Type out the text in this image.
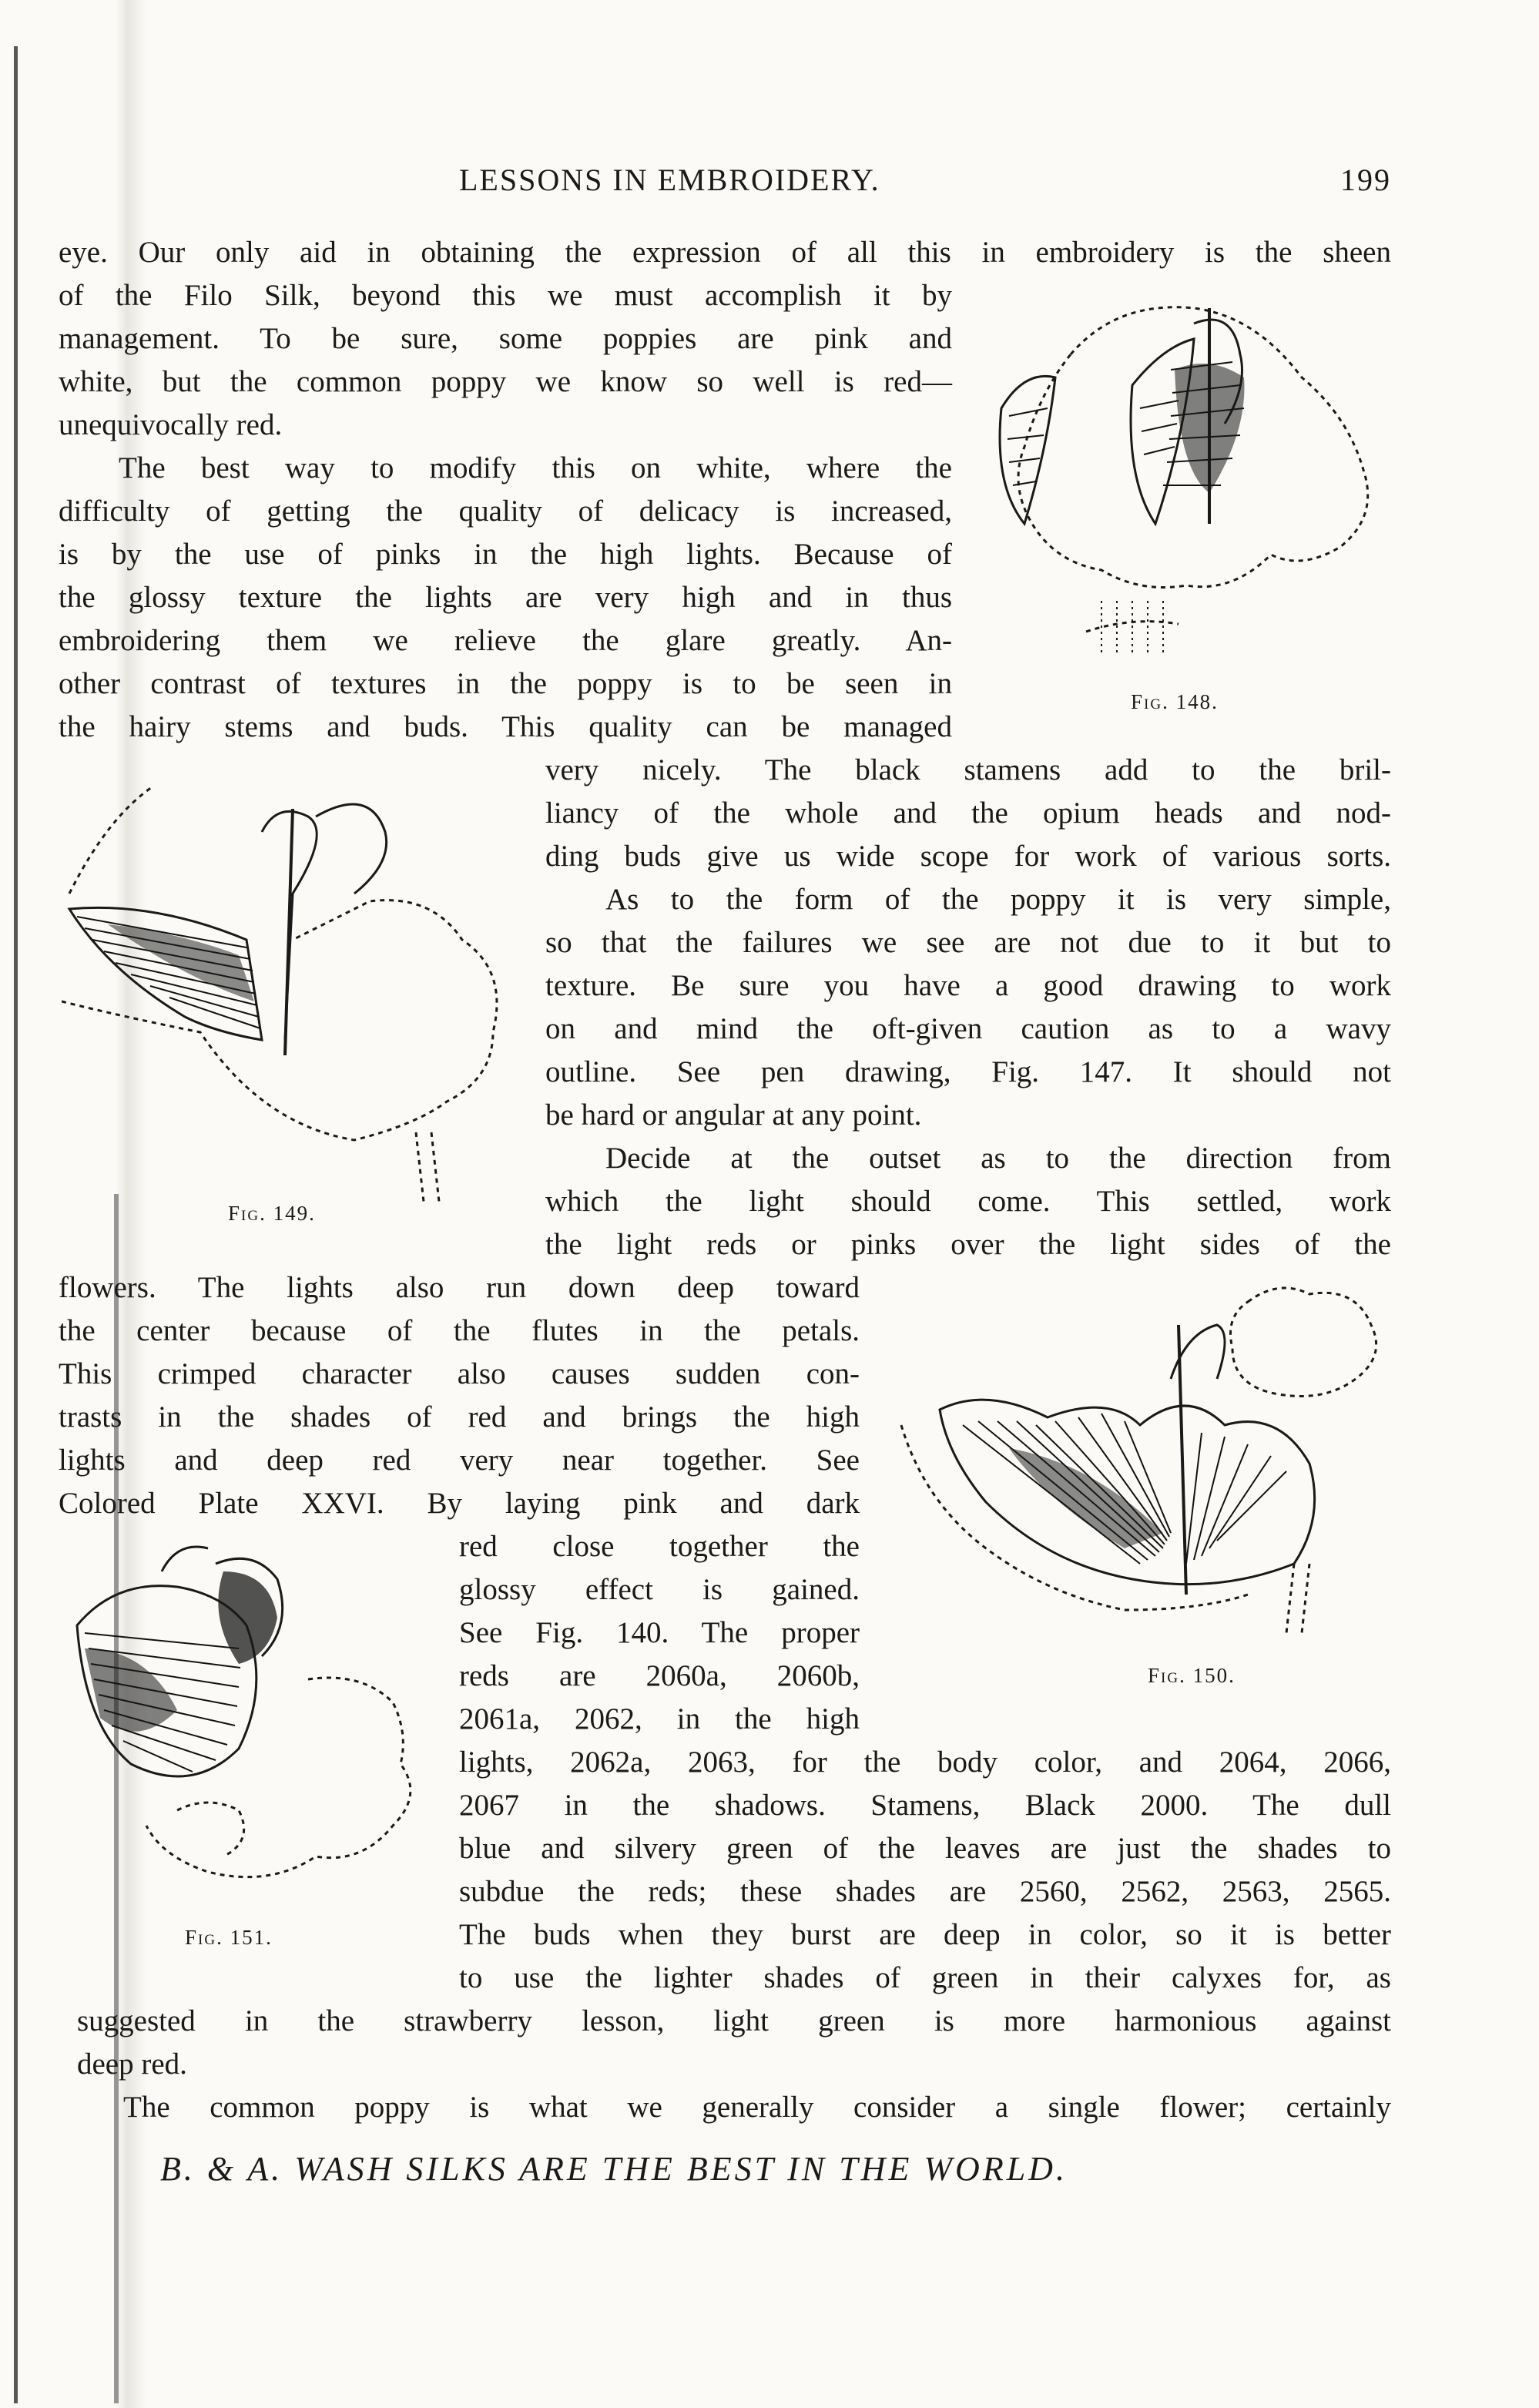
LESSONS IN EMBROIDERY.	199

eye. Our only aid in obtaining the expression of all this in embroidery is the sheen

of the Filo Silk, beyond this we must accomplish it by

management. To be sure, some poppies are pink and

white, but the common poppy we know so well is red—

unequivocally red.

The best way to modify this on white, where the

difficulty of getting the quality of delicacy is increased,

is by the use of pinks in the high lights. Because of

the glossy texture the lights are very high and in thus

embroidering them we relieve the glare greatly. An-

other contrast of textures in the poppy is to be seen in

the hairy stems and buds. This quality can be managed

very nicely. The black stamens add to the bril-

liancy of the whole and the opium heads and nod-

ding buds give us wide scope for work of various sorts.

As to the form of the poppy it is very simple,

so that the failures we see are not due to it but to

texture. Be sure you have a good drawing to work

on and mind the oft-given caution as to a wavy

outline. See pen drawing, Fig. 147. It should not

be hard or angular at any point.

Decide at the outset as to the direction from

which the light should come. This settled, work

the light reds or pinks over the light sides of the

flowers. The lights also run down deep toward

the center because of the flutes in the petals.

This crimped character also causes sudden con-

trasts in the shades of red and brings the high

lights and deep red very near together. See

Colored Plate XXVI. By laying pink and dark

red close together the

glossy effect is gained.

See Fig. 140. The proper

reds are 2060a, 2060b,

2061a, 2062, in the high

lights, 2062a, 2063, for the body color, and 2064, 2066,

2067 in the shadows. Stamens, Black 2000. The dull

blue and silvery green of the leaves are just the shades to

subdue the reds; these shades are 2560, 2562, 2563, 2565.

The buds when they burst are deep in color, so it is better

to use the lighter shades of green in their calyxes for, as

suggested in the strawberry lesson, light green is more harmonious against

deep red.

The common poppy is what we generally consider a single flower; certainly

Fig. 148.
Fig. 149.
Fig. 150.
Fig. 151.
B. & A. WASH SILKS ARE THE BEST IN THE WORLD.
